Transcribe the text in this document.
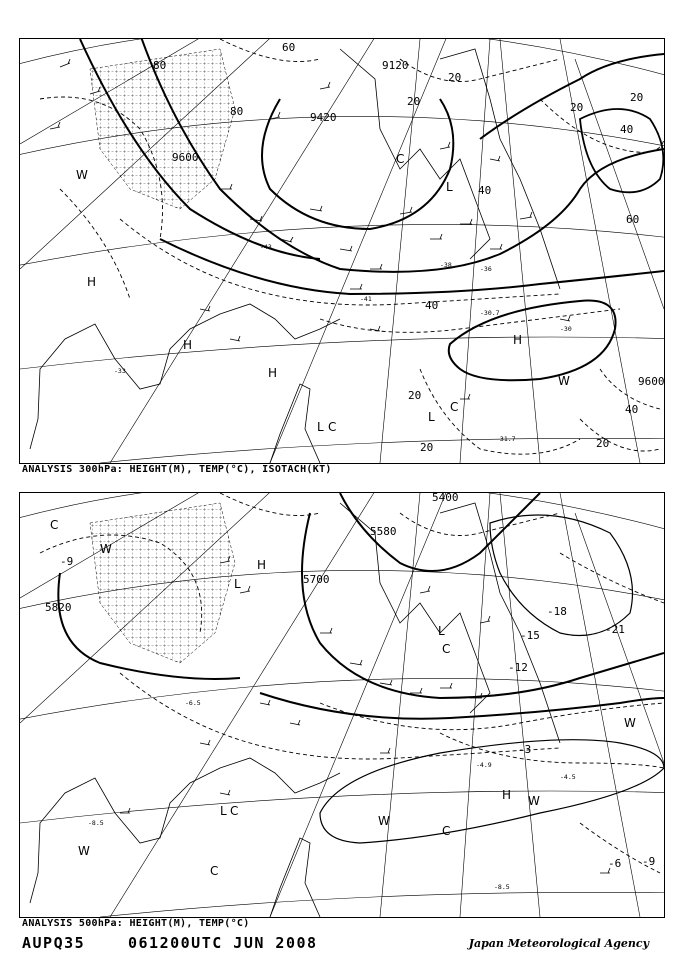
9120
9420
9600
9600
80
60
80
40
20
20
40
60
40
20
20
40
20
20	20
-43
-41
-38	-36
-30
-30.7
-31.7
-33
H
H
H
H
L
L
L
C
C
C
W
W
ANALYSIS 300hPa: HEIGHT(M), TEMP(°C), ISOTACH(KT)
5400
5580
5700
5820
-9
-15
-18
-21
-12
-3
-6 -9
-4.9
-6.5
-8.5
-4.5
-8.5
H
H
L
L
L
C
C
C
C
C
W
W
W
W
W
ANALYSIS 500hPa: HEIGHT(M), TEMP(°C)
AUPQ35	061200UTC JUN 2008	Japan Meteorological Agency
